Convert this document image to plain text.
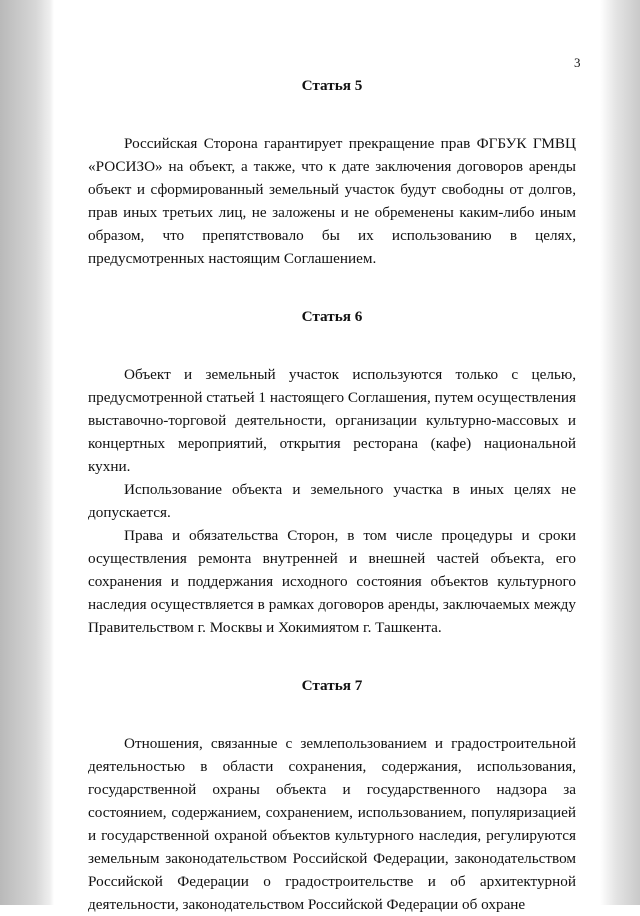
3

Статья 5

Российская Сторона гарантирует прекращение прав ФГБУК ГМВЦ «РОСИЗО» на объект, а также, что к дате заключения договоров аренды объект и сформированный земельный участок будут свободны от долгов, прав иных третьих лиц, не заложены и не обременены каким-либо иным образом, что препятствовало бы их использованию в целях, предусмотренных настоящим Соглашением.

Статья 6

Объект и земельный участок используются только с целью, предусмотренной статьей 1 настоящего Соглашения, путем осуществления выставочно-торговой деятельности, организации культурно-массовых и концертных мероприятий, открытия ресторана (кафе) национальной кухни.

Использование объекта и земельного участка в иных целях не допускается.

Права и обязательства Сторон, в том числе процедуры и сроки осуществления ремонта внутренней и внешней частей объекта, его сохранения и поддержания исходного состояния объектов культурного наследия осуществляется в рамках договоров аренды, заключаемых между Правительством г. Москвы и Хокимиятом г. Ташкента.

Статья 7

Отношения, связанные с землепользованием и градостроительной деятельностью в области сохранения, содержания, использования, государственной охраны объекта и государственного надзора за состоянием, содержанием, сохранением, использованием, популяризацией и государственной охраной объектов культурного наследия, регулируются земельным законодательством Российской Федерации, законодательством Российской Федерации о градостроительстве и об архитектурной деятельности, законодательством Российской Федерации об охране
